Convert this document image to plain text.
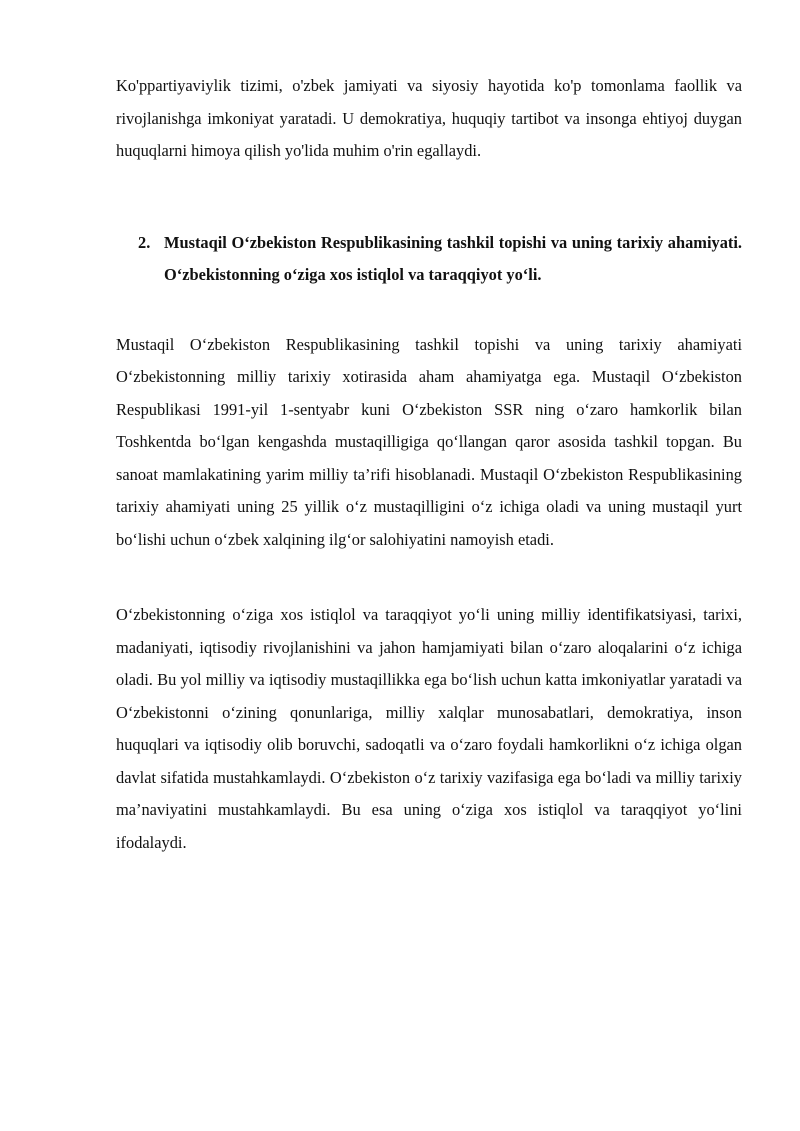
Ko'ppartiyaviylik tizimi, o'zbek jamiyati va siyosiy hayotida ko'p tomonlama faollik va rivojlanishga imkoniyat yaratadi. U demokratiya, huquqiy tartibot va insonga ehtiyoj duygan huquqlarni himoya qilish yo'lida muhim o'rin egallaydi.

2. Mustaqil O‘zbekiston Respublikasining tashkil topishi va uning tarixiy ahamiyati. O‘zbekistonning o‘ziga xos istiqlol va taraqqiyot yo‘li.

Mustaqil O‘zbekiston Respublikasining tashkil topishi va uning tarixiy ahamiyati O‘zbekistonning milliy tarixiy xotirasida aham ahamiyatga ega. Mustaqil O‘zbekiston Respublikasi 1991-yil 1-sentyabr kuni O‘zbekiston SSR ning o‘zaro hamkorlik bilan Toshkentda bo‘lgan kengashda mustaqilligiga qo‘llangan qaror asosida tashkil topgan. Bu sanoat mamlakatining yarim milliy ta’rifi hisoblanadi. Mustaqil O‘zbekiston Respublikasining tarixiy ahamiyati uning 25 yillik o‘z mustaqilligini o‘z ichiga oladi va uning mustaqil yurt bo‘lishi uchun o‘zbek xalqining ilg‘or salohiyatini namoyish etadi.

O‘zbekistonning o‘ziga xos istiqlol va taraqqiyot yo‘li uning milliy identifikatsiyasi, tarixi, madaniyati, iqtisodiy rivojlanishini va jahon hamjamiyati bilan o‘zaro aloqalarini o‘z ichiga oladi. Bu yol milliy va iqtisodiy mustaqillikka ega bo‘lish uchun katta imkoniyatlar yaratadi va O‘zbekistonni o‘zining qonunlariga, milliy xalqlar munosabatlari, demokratiya, inson huquqlari va iqtisodiy olib boruvchi, sadoqatli va o‘zaro foydali hamkorlikni o‘z ichiga olgan davlat sifatida mustahkamlaydi. O‘zbekiston o‘z tarixiy vazifasiga ega bo‘ladi va milliy tarixiy ma’naviyatini mustahkamlaydi. Bu esa uning o‘ziga xos istiqlol va taraqqiyot yo‘lini ifodalaydi.
